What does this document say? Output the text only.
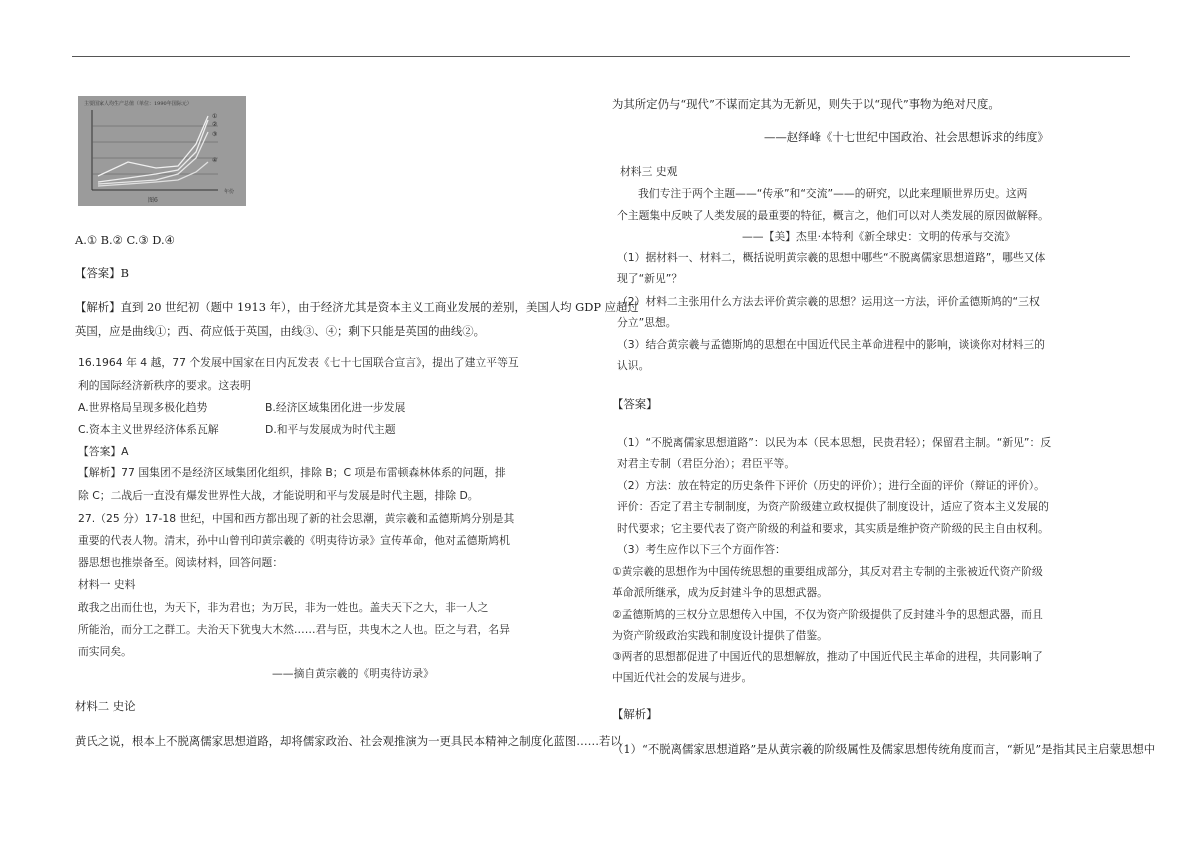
主要国家人均生产总值（单位：1990年国际元）
①
②
③
④
年份
图6
A.① B.② C.③ D.④
【答案】B
【解析】直到 20 世纪初（题中 1913 年），由于经济尤其是资本主义工商业发展的差别，美国人均 GDP 应超过
英国，应是曲线①；西、荷应低于英国，由线③、④；剩下只能是英国的曲线②。
16.1964 年 4 越，77 个发展中国家在日内瓦发表《七十七国联合宣言》，提出了建立平等互
利的国际经济新秩序的要求。这表明
A.世界格局呈现多极化趋势	B.经济区域集团化进一步发展
C.资本主义世界经济体系瓦解	D.和平与发展成为时代主题
【答案】A
【解析】77 国集团不是经济区域集团化组织，排除 B；C 项是布雷顿森林体系的问题，排
除 C；二战后一直没有爆发世界性大战，才能说明和平与发展是时代主题，排除 D。
27.（25 分）17-18 世纪，中国和西方都出现了新的社会思潮，黄宗羲和孟德斯鸠分别是其
重要的代表人物。清末，孙中山曾刊印黄宗羲的《明夷待访录》宣传革命，他对孟德斯鸠机
器思想也推崇备至。阅读材料，回答问题：
材料一 史料
敢我之出而仕也，为天下，非为君也；为万民，非为一姓也。盖夫天下之大，非一人之
所能治，而分工之群工。夫治天下犹曳大木然……君与臣，共曳木之人也。臣之与君，名异
而实同矣。
——摘自黄宗羲的《明夷待访录》
材料二 史论
黄氏之说，根本上不脱离儒家思想道路，却将儒家政治、社会观推演为一更具民本精神之制度化蓝图……若以
为其所定仍与“现代”不谋而定其为无新见，则失于以“现代”事物为绝对尺度。
——赵绎峰《十七世纪中国政治、社会思想诉求的纬度》
材料三 史观
我们专注于两个主题——“传承”和“交流”——的研究，以此来理顺世界历史。这两
个主题集中反映了人类发展的最重要的特征，概言之，他们可以对人类发展的原因做解释。
——【美】杰里·本特利《新全球史：文明的传承与交流》
（1）据材料一、材料二，概括说明黄宗羲的思想中哪些“不脱离儒家思想道路”，哪些又体
现了“新见”？
（2）材料二主张用什么方法去评价黄宗羲的思想？运用这一方法，评价孟德斯鸠的“三权
分立”思想。
（3）结合黄宗羲与孟德斯鸠的思想在中国近代民主革命进程中的影响，谈谈你对材料三的
认识。
【答案】
（1）“不脱离儒家思想道路”：以民为本（民本思想，民贵君轻）；保留君主制。“新见”：反
对君主专制（君臣分治）；君臣平等。
（2）方法：放在特定的历史条件下评价（历史的评价）；进行全面的评价（辩证的评价）。
评价：否定了君主专制制度，为资产阶级建立政权提供了制度设计，适应了资本主义发展的
时代要求；它主要代表了资产阶级的利益和要求，其实质是维护资产阶级的民主自由权利。
（3）考生应作以下三个方面作答：
①黄宗羲的思想作为中国传统思想的重要组成部分，其反对君主专制的主张被近代资产阶级
革命派所继承，成为反封建斗争的思想武器。
②孟德斯鸠的三权分立思想传入中国，不仅为资产阶级提供了反封建斗争的思想武器，而且
为资产阶级政治实践和制度设计提供了借鉴。
③两者的思想都促进了中国近代的思想解放，推动了中国近代民主革命的进程，共同影响了
中国近代社会的发展与进步。
【解析】
（1）“不脱离儒家思想道路”是从黄宗羲的阶级属性及儒家思想传统角度而言，“新见”是指其民主启蒙思想中
